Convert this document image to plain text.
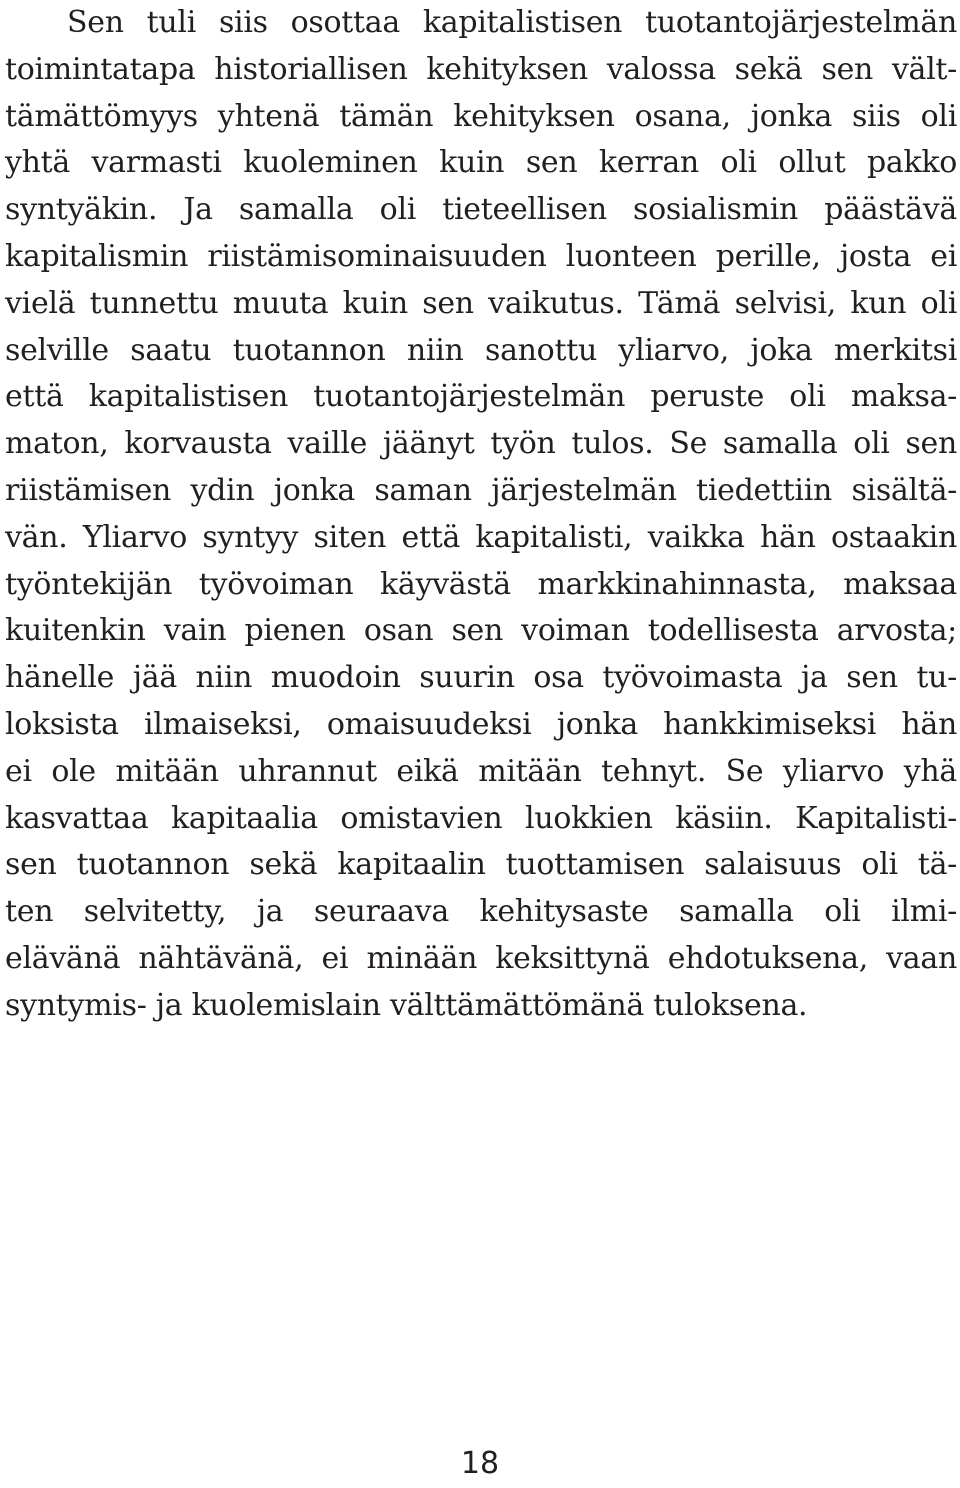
Sen tuli siis osottaa kapitalistisen tuotantojärjestelmän
toimintatapa historiallisen kehityksen valossa sekä sen vält-
tämättömyys yhtenä tämän kehityksen osana, jonka siis oli
yhtä varmasti kuoleminen kuin sen kerran oli ollut pakko
syntyäkin. Ja samalla oli tieteellisen sosialismin päästävä
kapitalismin riistämisominaisuuden luonteen perille, josta ei
vielä tunnettu muuta kuin sen vaikutus. Tämä selvisi, kun oli
selville saatu tuotannon niin sanottu yliarvo, joka merkitsi
että kapitalistisen tuotantojärjestelmän peruste oli maksa-
maton, korvausta vaille jäänyt työn tulos. Se samalla oli sen
riistämisen ydin jonka saman järjestelmän tiedettiin sisältä-
vän. Yliarvo syntyy siten että kapitalisti, vaikka hän ostaakin
työntekijän työvoiman käyvästä markkinahinnasta, maksaa
kuitenkin vain pienen osan sen voiman todellisesta arvosta;
hänelle jää niin muodoin suurin osa työvoimasta ja sen tu-
loksista ilmaiseksi, omaisuudeksi jonka hankkimiseksi hän
ei ole mitään uhrannut eikä mitään tehnyt. Se yliarvo yhä
kasvattaa kapitaalia omistavien luokkien käsiin. Kapitalisti-
sen tuotannon sekä kapitaalin tuottamisen salaisuus oli tä-
ten selvitetty, ja seuraava kehitysaste samalla oli ilmi-
elävänä nähtävänä, ei minään keksittynä ehdotuksena, vaan
syntymis- ja kuolemislain välttämättömänä tuloksena.

18
